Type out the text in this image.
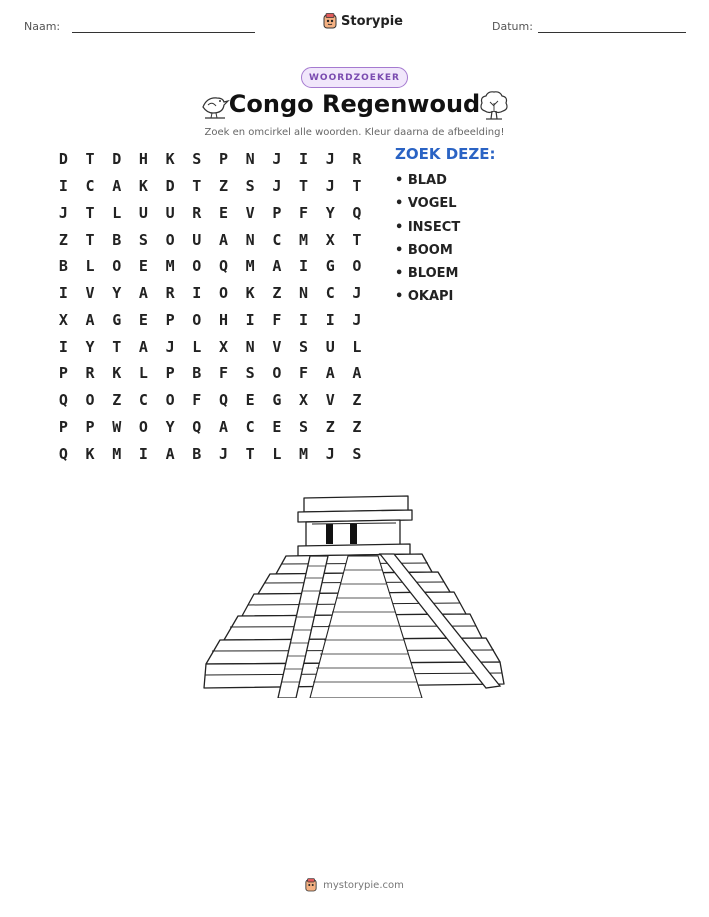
Naam:	Storypie	Datum:
WOORDZOEKER
Congo Regenwoud
Zoek en omcirkel alle woorden. Kleur daarna de afbeelding!
D	T	D	H	K	S	P	N	J	I	J	R
I	C	A	K	D	T	Z	S	J	T	J	T
J	T	L	U	U	R	E	V	P	F	Y	Q
Z	T	B	S	O	U	A	N	C	M	X	T
B	L	O	E	M	O	Q	M	A	I	G	O
I	V	Y	A	R	I	O	K	Z	N	C	J
X	A	G	E	P	O	H	I	F	I	I	J
I	Y	T	A	J	L	X	N	V	S	U	L
P	R	K	L	P	B	F	S	O	F	A	A
Q	O	Z	C	O	F	Q	E	G	X	V	Z
P	P	W	O	Y	Q	A	C	E	S	Z	Z
Q	K	M	I	A	B	J	T	L	M	J	S
ZOEK DEZE:
• BLAD
• VOGEL
• INSECT
• BOOM
• BLOEM
• OKAPI
mystorypie.com
